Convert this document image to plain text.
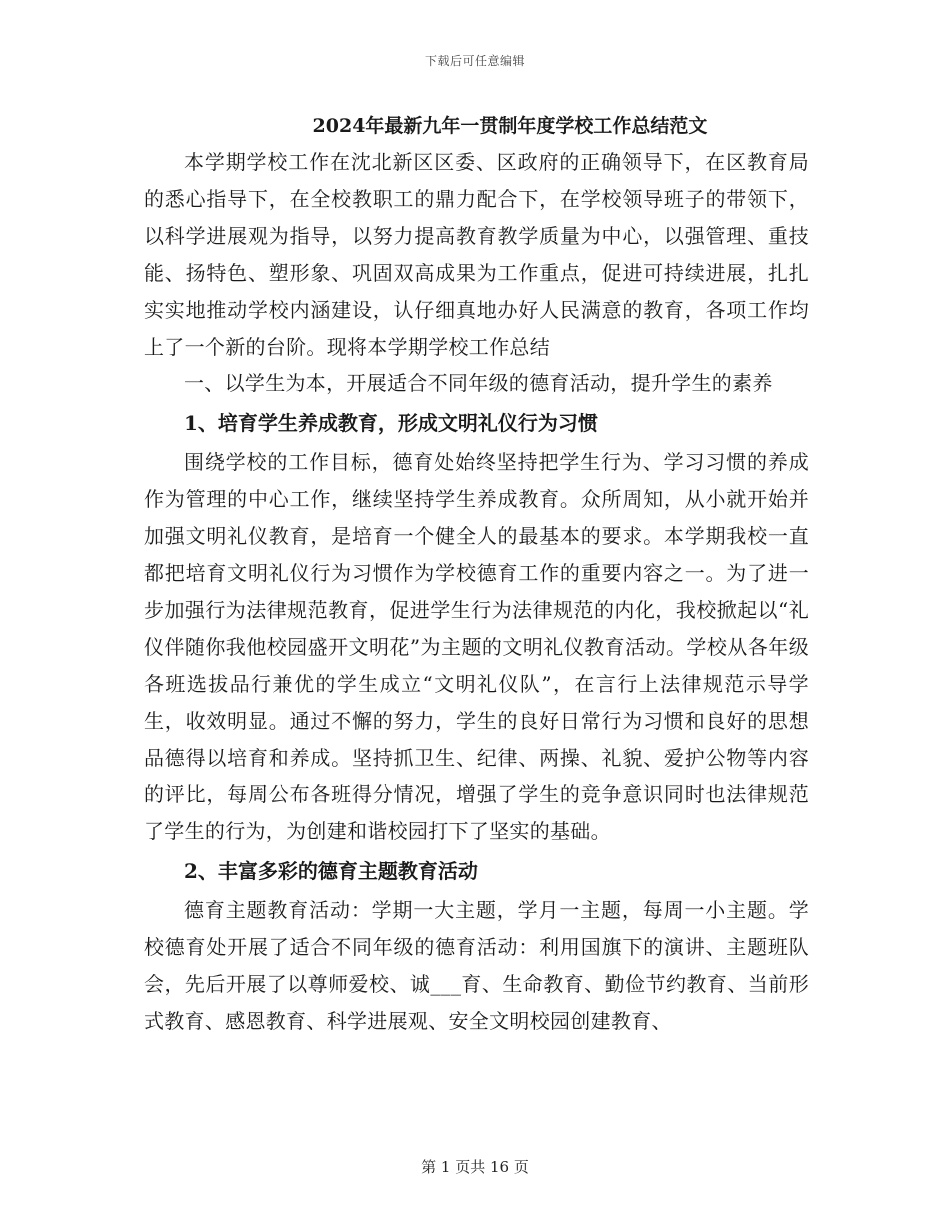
下载后可任意编辑
2024年最新九年一贯制年度学校工作总结范文

本学期学校工作在沈北新区区委、区政府的正确领导下，在区教育局的悉心指导下，在全校教职工的鼎力配合下，在学校领导班子的带领下，以科学进展观为指导，以努力提高教育教学质量为中心，以强管理、重技能、扬特色、塑形象、巩固双高成果为工作重点，促进可持续进展，扎扎实实地推动学校内涵建设，认仔细真地办好人民满意的教育，各项工作均上了一个新的台阶。现将本学期学校工作总结

一、以学生为本，开展适合不同年级的德育活动，提升学生的素养

1、培育学生养成教育，形成文明礼仪行为习惯

围绕学校的工作目标，德育处始终坚持把学生行为、学习习惯的养成作为管理的中心工作，继续坚持学生养成教育。众所周知，从小就开始并加强文明礼仪教育，是培育一个健全人的最基本的要求。本学期我校一直都把培育文明礼仪行为习惯作为学校德育工作的重要内容之一。为了进一步加强行为法律规范教育，促进学生行为法律规范的内化，我校掀起以“礼仪伴随你我他校园盛开文明花”为主题的文明礼仪教育活动。学校从各年级各班选拔品行兼优的学生成立“文明礼仪队”，在言行上法律规范示导学生，收效明显。通过不懈的努力，学生的良好日常行为习惯和良好的思想品德得以培育和养成。坚持抓卫生、纪律、两操、礼貌、爱护公物等内容的评比，每周公布各班得分情况，增强了学生的竞争意识同时也法律规范了学生的行为，为创建和谐校园打下了坚实的基础。

2、丰富多彩的德育主题教育活动

德育主题教育活动：学期一大主题，学月一主题，每周一小主题。学校德育处开展了适合不同年级的德育活动：利用国旗下的演讲、主题班队会，先后开展了以尊师爱校、诚___育、生命教育、勤俭节约教育、当前形式教育、感恩教育、科学进展观、安全文明校园创建教育、

第 1 页共 16 页
